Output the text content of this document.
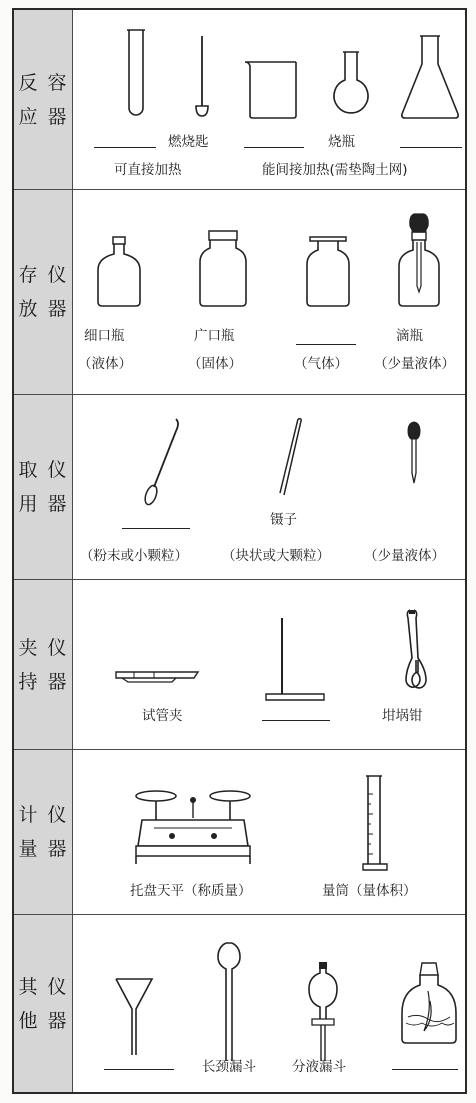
反应
容器
燃烧匙	烧瓶
可直接加热	能间接加热(需垫陶土网)
存放
仪器
细口瓶	广口瓶	滴瓶
（液体）	（固体）	（气体） （少量液体）
取用
仪器
镊子
（粉末或小颗粒）	（块状或大颗粒）	（少量液体）
夹持
仪器
试管夹	坩埚钳
计量
仪器
托盘天平（称质量）	量筒（量体积）
其他
仪器
长颈漏斗	分液漏斗
